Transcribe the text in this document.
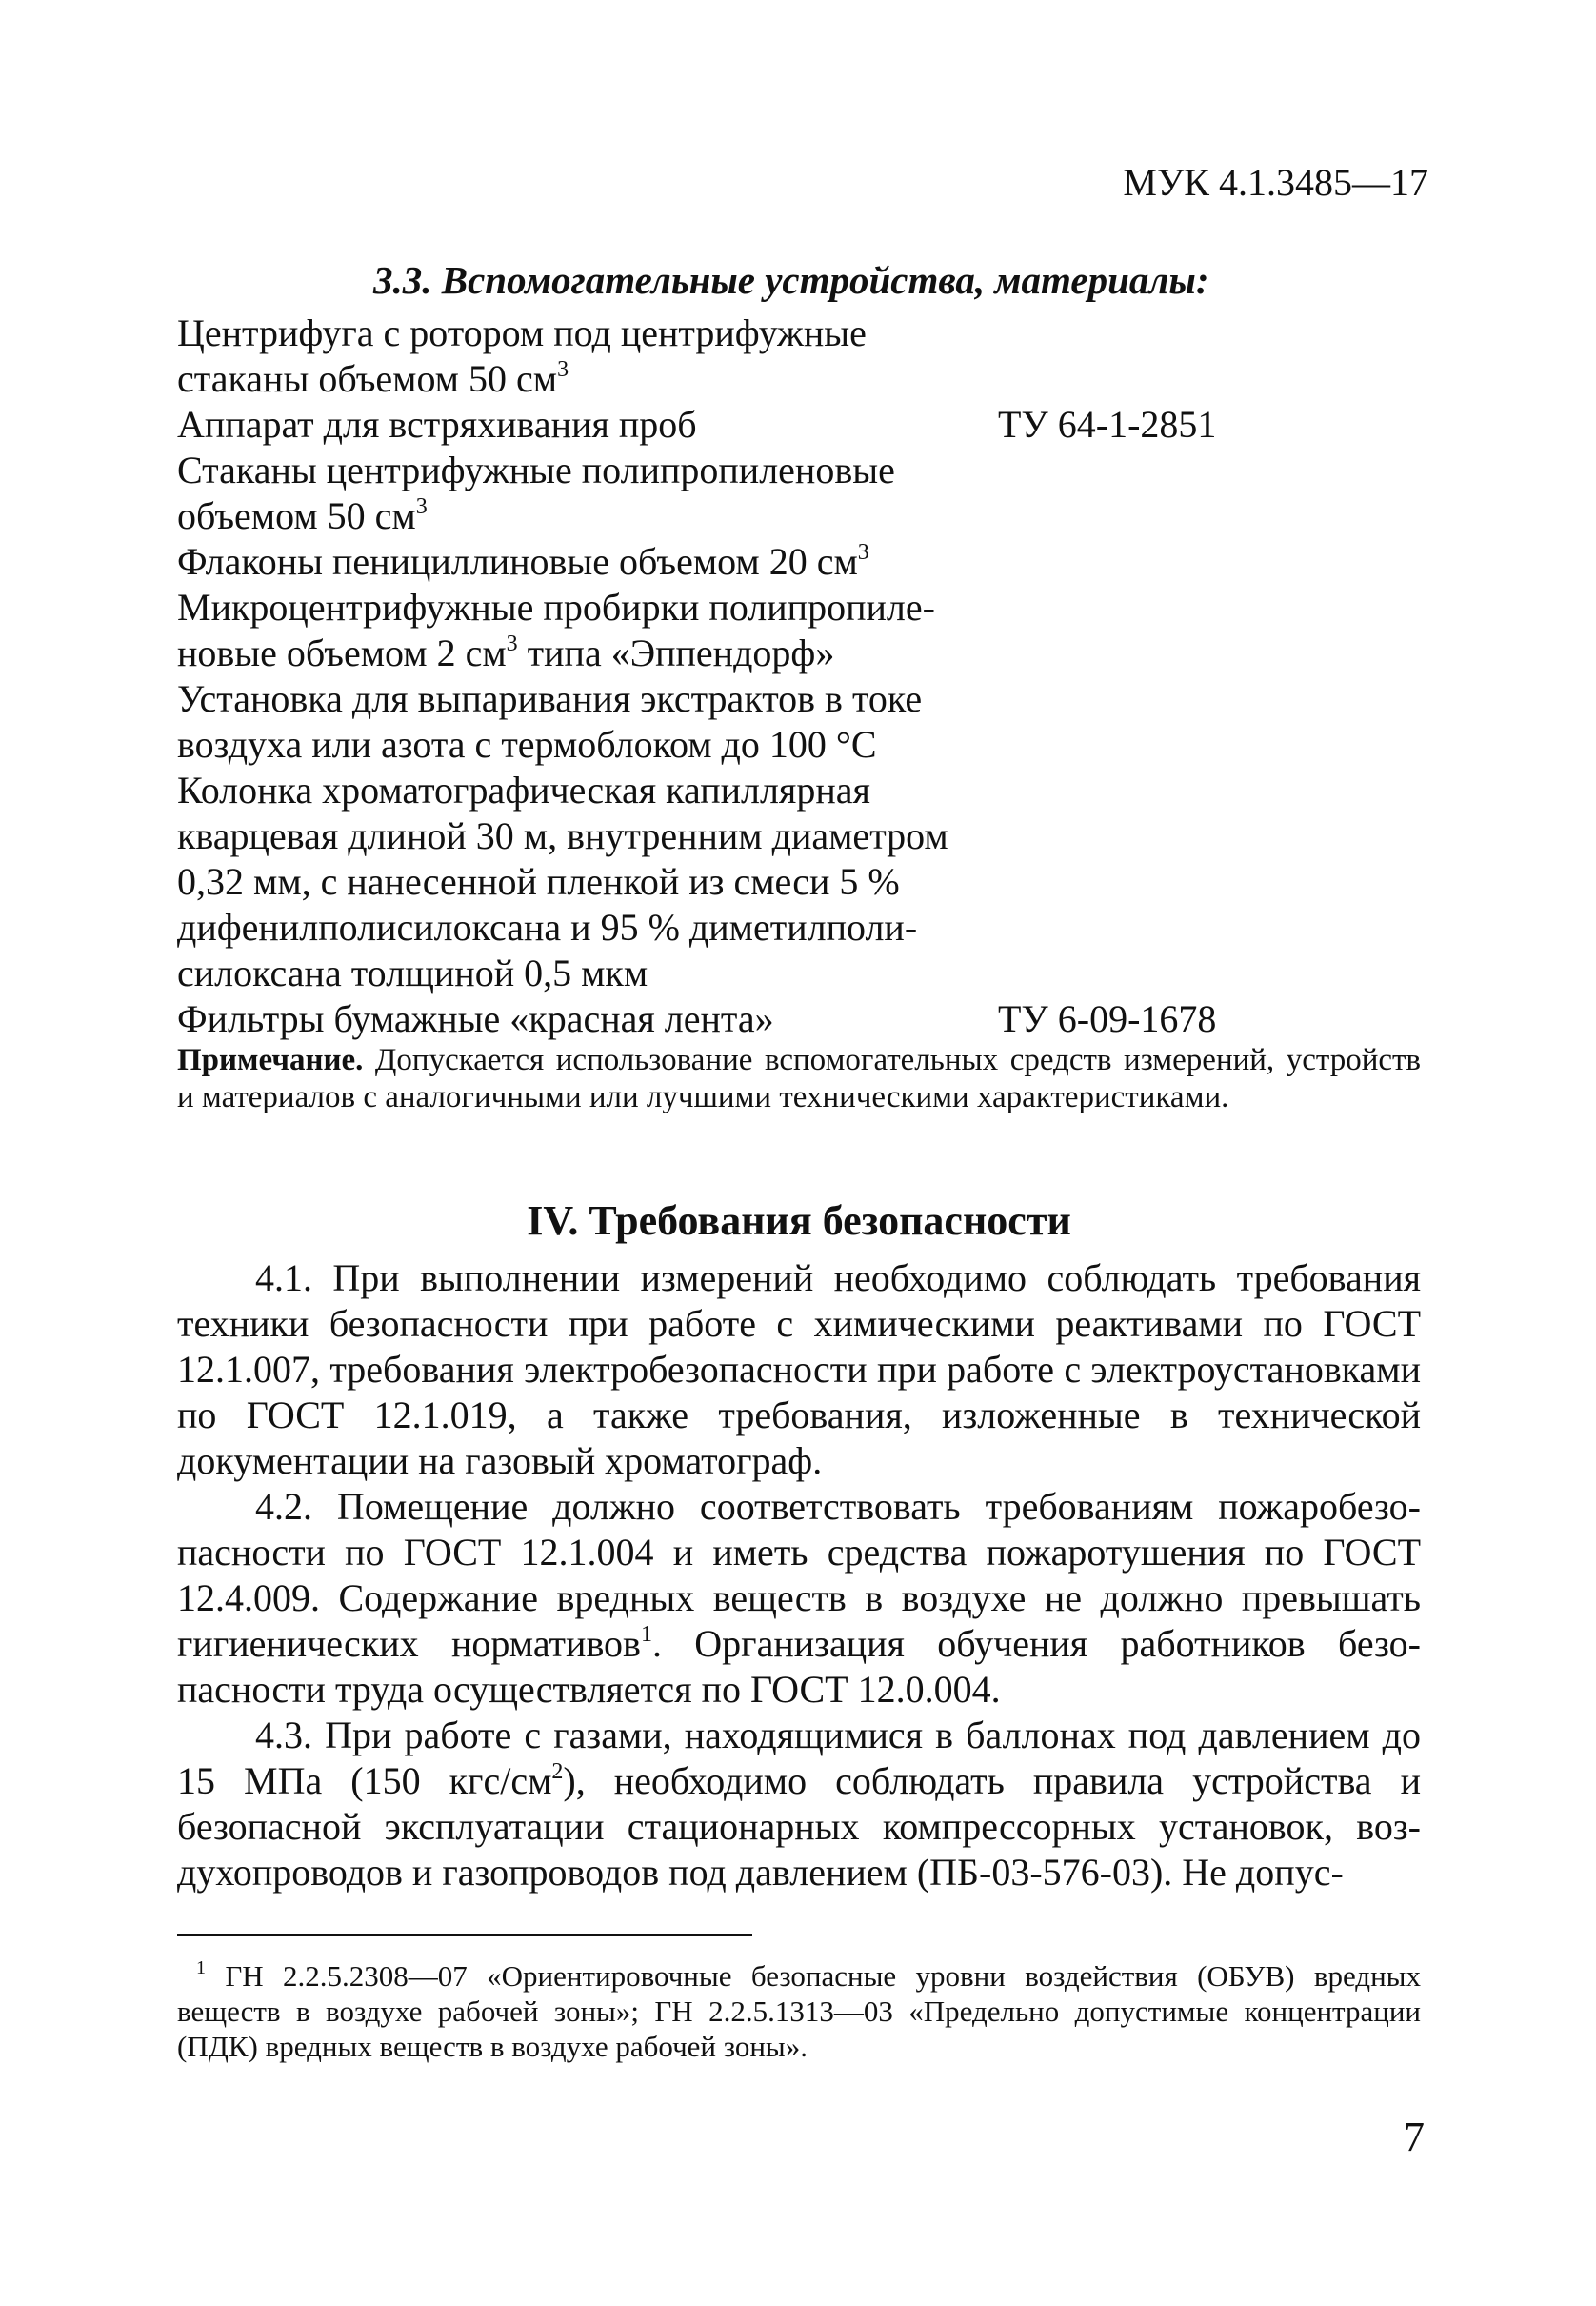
МУК 4.1.3485—17
3.3. Вспомогательные устройства, материалы:
Центрифуга с ротором под центрифужные стаканы объемом 50 $см^3$
Аппарат для встряхивания проб	ТУ 64-1-2851
Стаканы центрифужные полипропиленовые объемом 50 $см^3$
Флаконы пенициллиновые объемом 20 $см^3$
Микроцентрифужные пробирки полипропиленовые объемом 2 $см^3$ типа «Эппендорф»
Установка для выпаривания экстрактов в токе воздуха или азота с термоблоком до 100 °С
Колонка хроматографическая капиллярная кварцевая длиной 30 м, внутренним диаметром 0,32 мм, с нанесенной пленкой из смеси 5 % дифенилполисилоксана и 95 % диметилполисилоксана толщиной 0,5 мкм
Фильтры бумажные «красная лента»	ТУ 6-09-1678
Примечание. Допускается использование вспомогательных средств измерений, устройств и материалов с аналогичными или лучшими техническими характеристиками.
IV. Требования безопасности

4.1. При выполнении измерений необходимо соблюдать требования техники безопасности при работе с химическими реактивами по ГОСТ 12.1.007, требования электробезопасности при работе с электроустановками по ГОСТ 12.1.019, а также требования, изложенные в технической документации на газовый хроматограф.

4.2. Помещение должно соответствовать требованиям пожаробезопасности по ГОСТ 12.1.004 и иметь средства пожаротушения по ГОСТ 12.4.009. Содержание вредных веществ в воздухе не должно превышать гигиенических нормативов$^1$. Организация обучения работников безопасности труда осуществляется по ГОСТ 12.0.004.

4.3. При работе с газами, находящимися в баллонах под давлением до 15 МПа (150 кгс/$см^2$), необходимо соблюдать правила устройства и безопасной эксплуатации стационарных компрессорных установок, воздухопроводов и газопроводов под давлением (ПБ-03-576-03). Не допус-

$^1$ ГН 2.2.5.2308—07 «Ориентировочные безопасные уровни воздействия (ОБУВ) вредных веществ в воздухе рабочей зоны»; ГН 2.2.5.1313—03 «Предельно допустимые концентрации (ПДК) вредных веществ в воздухе рабочей зоны».
7
